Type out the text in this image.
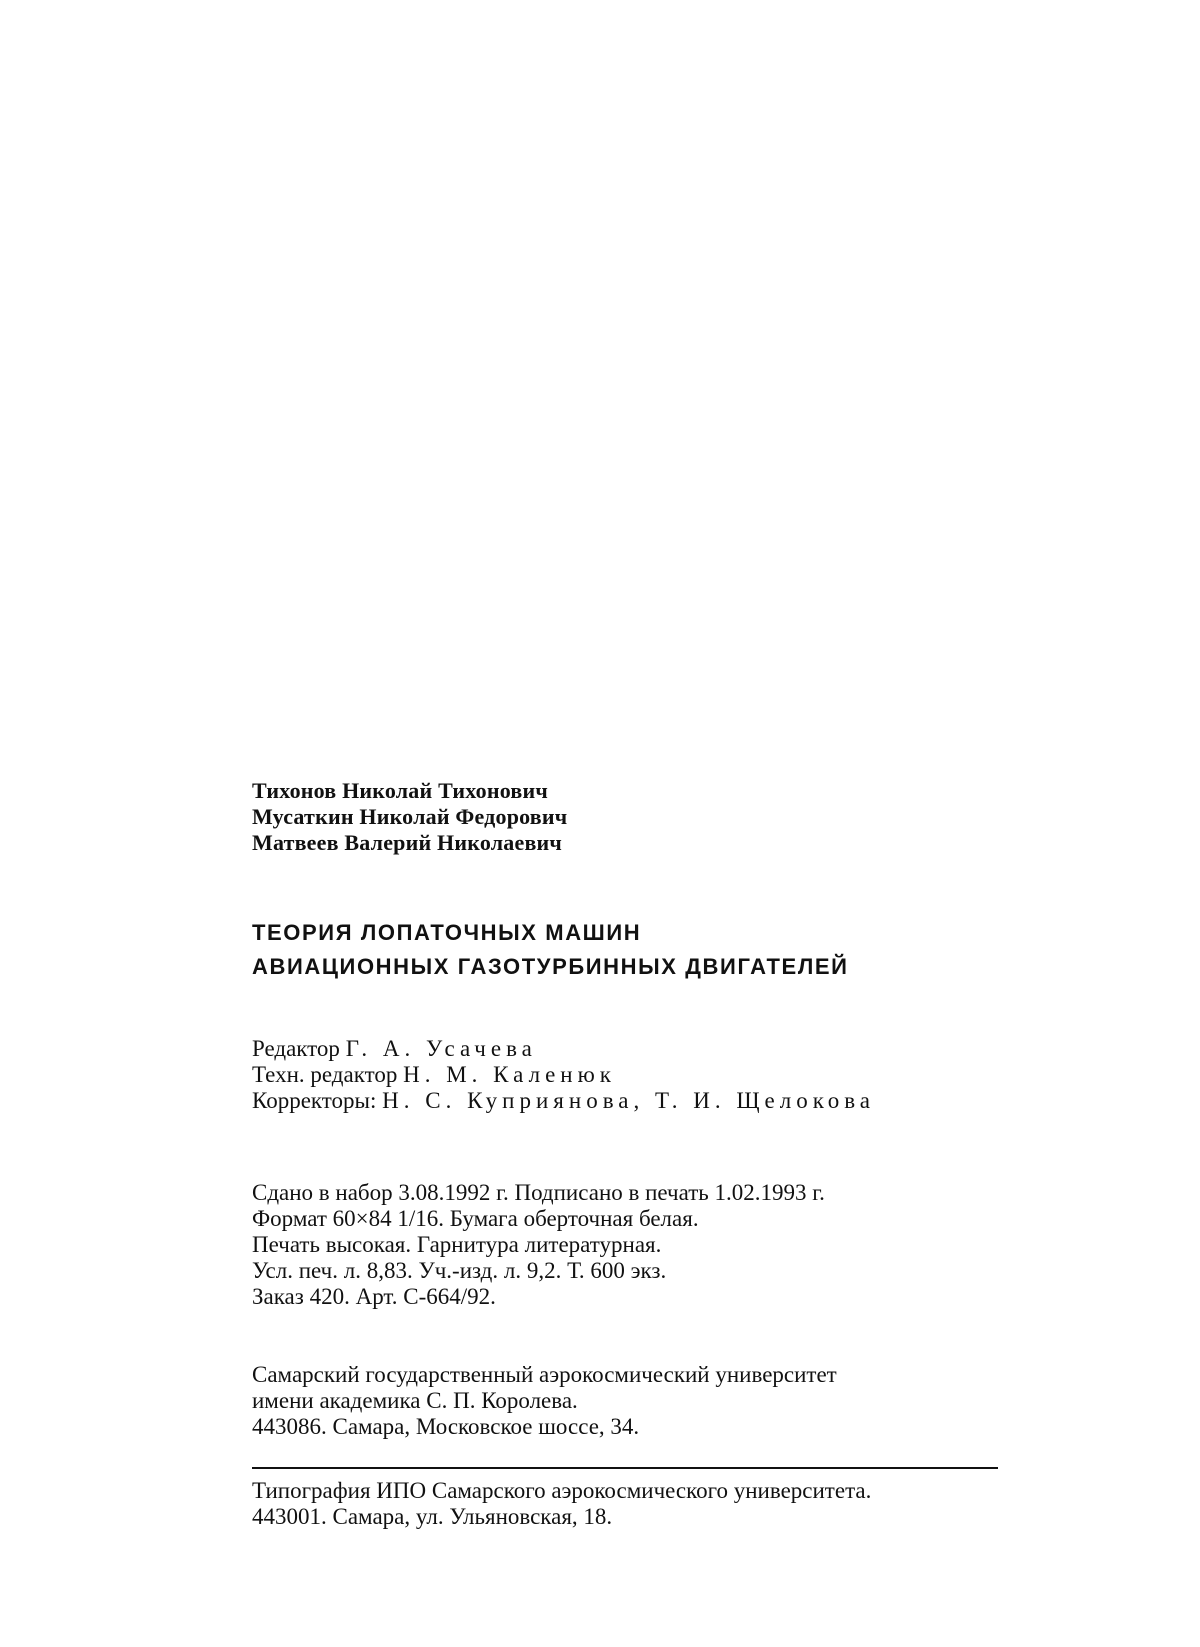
Тихонов Николай Тихонович
Мусаткин Николай Федорович
Матвеев Валерий Николаевич
ТЕОРИЯ ЛОПАТОЧНЫХ МАШИН
АВИАЦИОННЫХ ГАЗОТУРБИННЫХ ДВИГАТЕЛЕЙ
Редактор Г. А. Усачева
Техн. редактор Н. М. Каленюк
Корректоры: Н. С. Куприянова, Т. И. Щелокова
Сдано в набор 3.08.1992 г. Подписано в печать 1.02.1993 г.
Формат 60×84 1/16. Бумага оберточная белая.
Печать высокая. Гарнитура литературная.
Усл. печ. л. 8,83. Уч.-изд. л. 9,2. Т. 600 экз.
Заказ 420. Арт. С-664/92.
Самарский государственный аэрокосмический университет
имени академика С. П. Королева.
443086. Самара, Московское шоссе, 34.
Типография ИПО Самарского аэрокосмического университета.
443001. Самара, ул. Ульяновская, 18.
